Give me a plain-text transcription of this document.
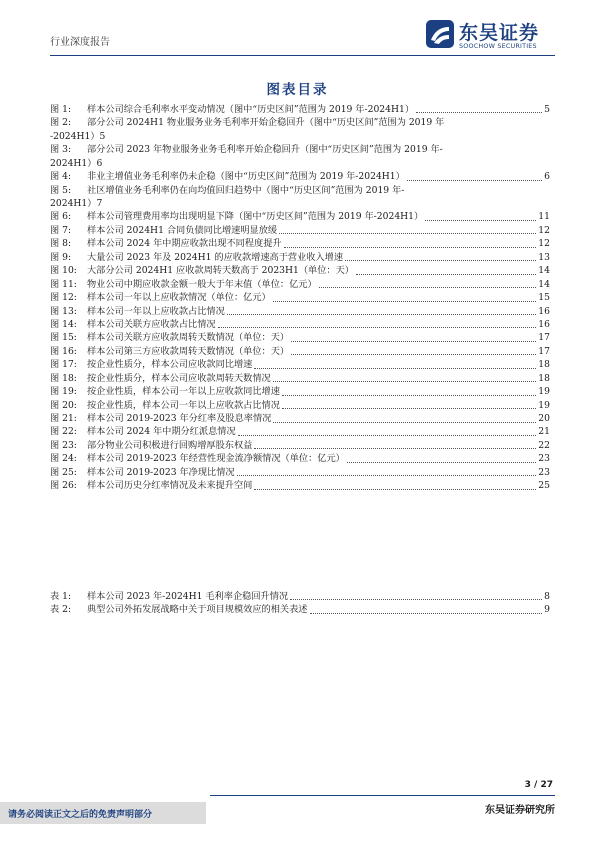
行业深度报告	东吴证券
SOOCHOW SECURITIES
图表目录
图 1:	样本公司综合毛利率水平变动情况（图中“历史区间”范围为 2019 年-2024H1）	5
图 2: 部分公司 2024H1 物业服务业务毛利率开始企稳回升（图中“历史区间”范围为 2019 年
-2024H1） 5
图 3: 部分公司 2023 年物业服务业务毛利率开始企稳回升（图中“历史区间”范围为 2019 年-
2024H1） 6
图 4:	非业主增值业务毛利率仍未企稳（图中“历史区间”范围为 2019 年-2024H1）	6
图 5: 社区增值业务毛利率仍在向均值回归趋势中（图中“历史区间”范围为 2019 年-
2024H1） 7
图 6:	样本公司管理费用率均出现明显下降（图中“历史区间”范围为 2019 年-2024H1）	11
图 7:	样本公司 2024H1 合同负债同比增速明显放缓	12
图 8:	样本公司 2024 年中期应收款出现不同程度提升	12
图 9:	大量公司 2023 年及 2024H1 的应收款增速高于营业收入增速	13
图 10:	大部分公司 2024H1 应收款周转天数高于 2023H1（单位：天）	14
图 11:	物业公司中期应收款金额一般大于年末值（单位：亿元）	14
图 12:	样本公司一年以上应收款情况（单位：亿元）	15
图 13:	样本公司一年以上应收款占比情况	16
图 14:	样本公司关联方应收款占比情况	16
图 15:	样本公司关联方应收款周转天数情况（单位：天）	17
图 16:	样本公司第三方应收款周转天数情况（单位：天）	17
图 17:	按企业性质分，样本公司应收款同比增速	18
图 18:	按企业性质分，样本公司应收款周转天数情况	18
图 19:	按企业性质，样本公司一年以上应收款同比增速	19
图 20:	按企业性质，样本公司一年以上应收款占比情况	19
图 21:	样本公司 2019-2023 年分红率及股息率情况	20
图 22:	样本公司 2024 年中期分红派息情况	21
图 23:	部分物业公司积极进行回购增厚股东权益	22
图 24:	样本公司 2019-2023 年经营性现金流净额情况（单位：亿元）	23
图 25:	样本公司 2019-2023 年净现比情况	23
图 26:	样本公司历史分红率情况及未来提升空间	25
表 1:	样本公司 2023 年-2024H1 毛利率企稳回升情况	8
表 2:	典型公司外拓发展战略中关于项目规模效应的相关表述	9
3 / 27
请务必阅读正文之后的免责声明部分	东吴证券研究所
